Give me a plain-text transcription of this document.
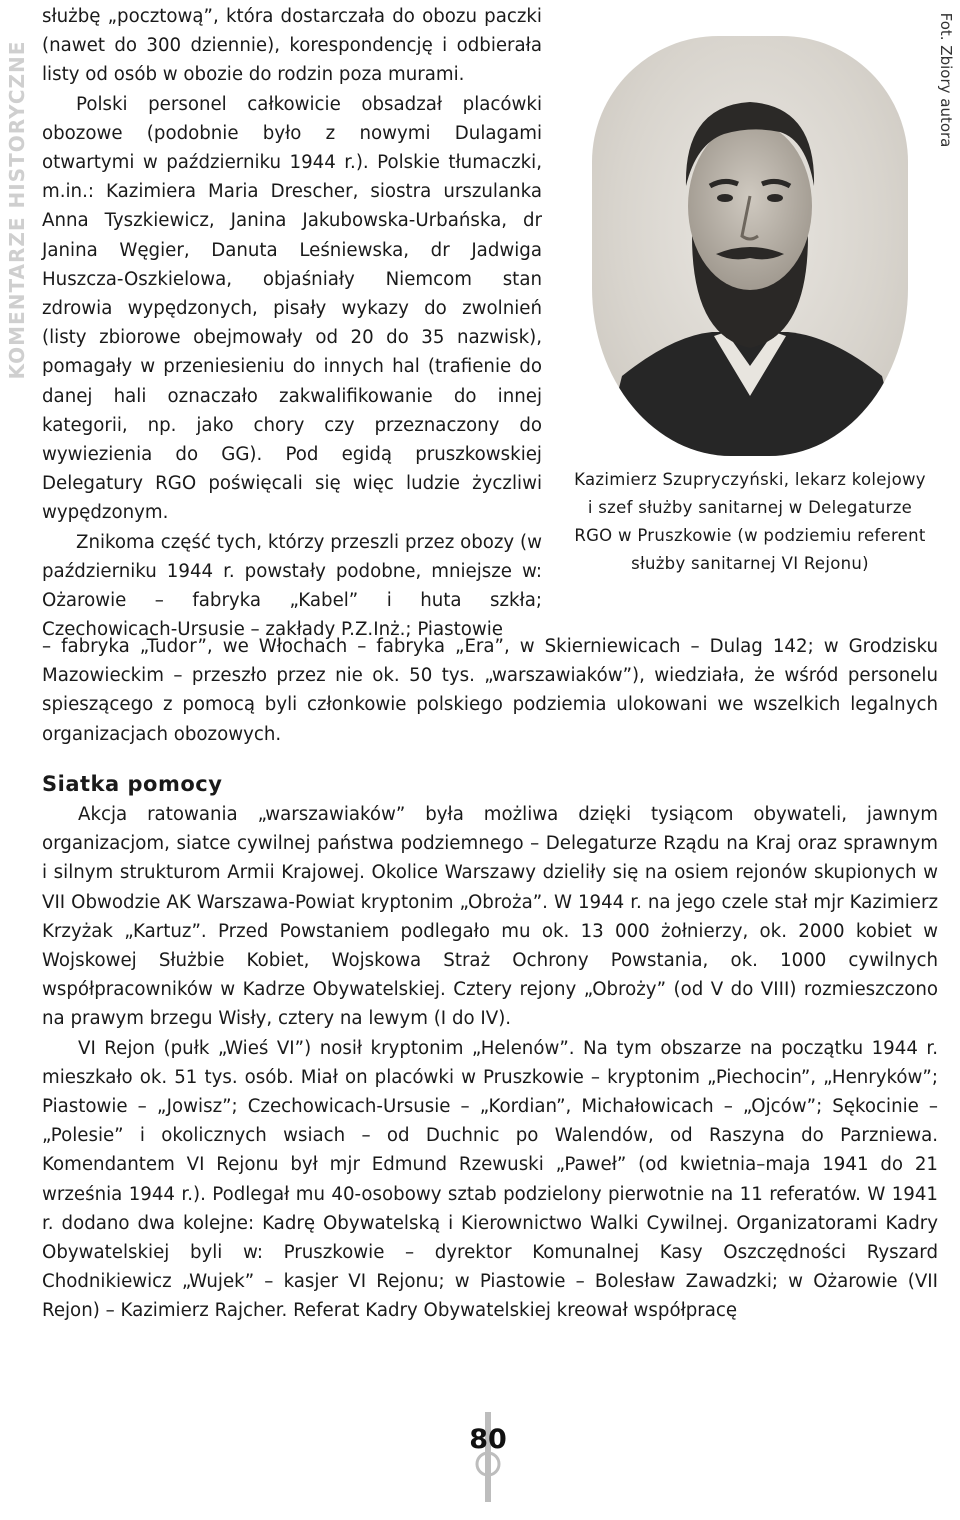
KOMENTARZE HISTORYCZNE	Fot. Zbiory autora

służbę „pocztową”, która dostarczała do obozu paczki (nawet do 300 dziennie), korespondencję i odbierała listy od osób w obozie do rodzin poza murami.

Polski personel całkowicie obsadzał placówki obozowe (podobnie było z nowymi Dulagami otwartymi w październiku 1944 r.). Polskie tłumaczki, m.in.: Kazimiera Maria Drescher, siostra urszulanka Anna Tyszkiewicz, Janina Jakubowska-Urbańska, dr Janina Węgier, Danuta Leśniewska, dr Jadwiga Huszcza-Oszkielowa, objaśniały Niemcom stan zdrowia wypędzonych, pisały wykazy do zwolnień (listy zbiorowe obejmowały od 20 do 35 nazwisk), pomagały w przeniesieniu do innych hal (trafienie do danej hali oznaczało zakwalifikowanie do innej kategorii, np. jako chory czy przeznaczony do wywiezienia do GG). Pod egidą pruszkowskiej Delegatury RGO poświęcali się więc ludzie życzliwi wypędzonym.

Znikoma część tych, którzy przeszli przez obozy (w październiku 1944 r. powstały podobne, mniejsze w: Ożarowie – fabryka „Kabel” i huta szkła; Czechowicach-Ursusie – zakłady P.Z.Inż.; Piastowie

Kazimierz Szupryczyński, lekarz kolejowy i szef służby sanitarnej w Delegaturze RGO w Pruszkowie (w podziemiu referent służby sanitarnej VI Rejonu)

– fabryka „Tudor”, we Włochach – fabryka „Era”, w Skierniewicach – Dulag 142; w Grodzisku Mazowieckim – przeszło przez nie ok. 50 tys. „warszawiaków”), wiedziała, że wśród personelu spieszącego z pomocą byli członkowie polskiego podziemia ulokowani we wszelkich legalnych organizacjach obozowych.

Siatka pomocy

Akcja ratowania „warszawiaków” była możliwa dzięki tysiącom obywateli, jawnym organizacjom, siatce cywilnej państwa podziemnego – Delegaturze Rządu na Kraj oraz sprawnym i silnym strukturom Armii Krajowej. Okolice Warszawy dzieliły się na osiem rejonów skupionych w VII Obwodzie AK Warszawa-Powiat kryptonim „Obroża”. W 1944 r. na jego czele stał mjr Kazimierz Krzyżak „Kartuz”. Przed Powstaniem podlegało mu ok. 13 000 żołnierzy, ok. 2000 kobiet w Wojskowej Służbie Kobiet, Wojskowa Straż Ochrony Powstania, ok. 1000 cywilnych współpracowników w Kadrze Obywatelskiej. Cztery rejony „Obroży” (od V do VIII) rozmieszczono na prawym brzegu Wisły, cztery na lewym (I do IV).

VI Rejon (pułk „Wieś VI”) nosił kryptonim „Helenów”. Na tym obszarze na początku 1944 r. mieszkało ok. 51 tys. osób. Miał on placówki w Pruszkowie – kryptonim „Piechocin”, „Henryków”; Piastowie – „Jowisz”; Czechowicach-Ursusie – „Kordian”, Michałowicach – „Ojców”; Sękocinie – „Polesie” i okolicznych wsiach – od Duchnic po Walendów, od Raszyna do Parzniewa. Komendantem VI Rejonu był mjr Edmund Rzewuski „Paweł” (od kwietnia–maja 1941 do 21 września 1944 r.). Podlegał mu 40-osobowy sztab podzielony pierwotnie na 11 referatów. W 1941 r. dodano dwa kolejne: Kadrę Obywatelską i Kierownictwo Walki Cywilnej. Organizatorami Kadry Obywatelskiej byli w: Pruszkowie – dyrektor Komunalnej Kasy Oszczędności Ryszard Chodnikiewicz „Wujek” – kasjer VI Rejonu; w Piastowie – Bolesław Zawadzki; w Ożarowie (VII Rejon) – Kazimierz Rajcher. Referat Kadry Obywatelskiej kreował współpracę

80
